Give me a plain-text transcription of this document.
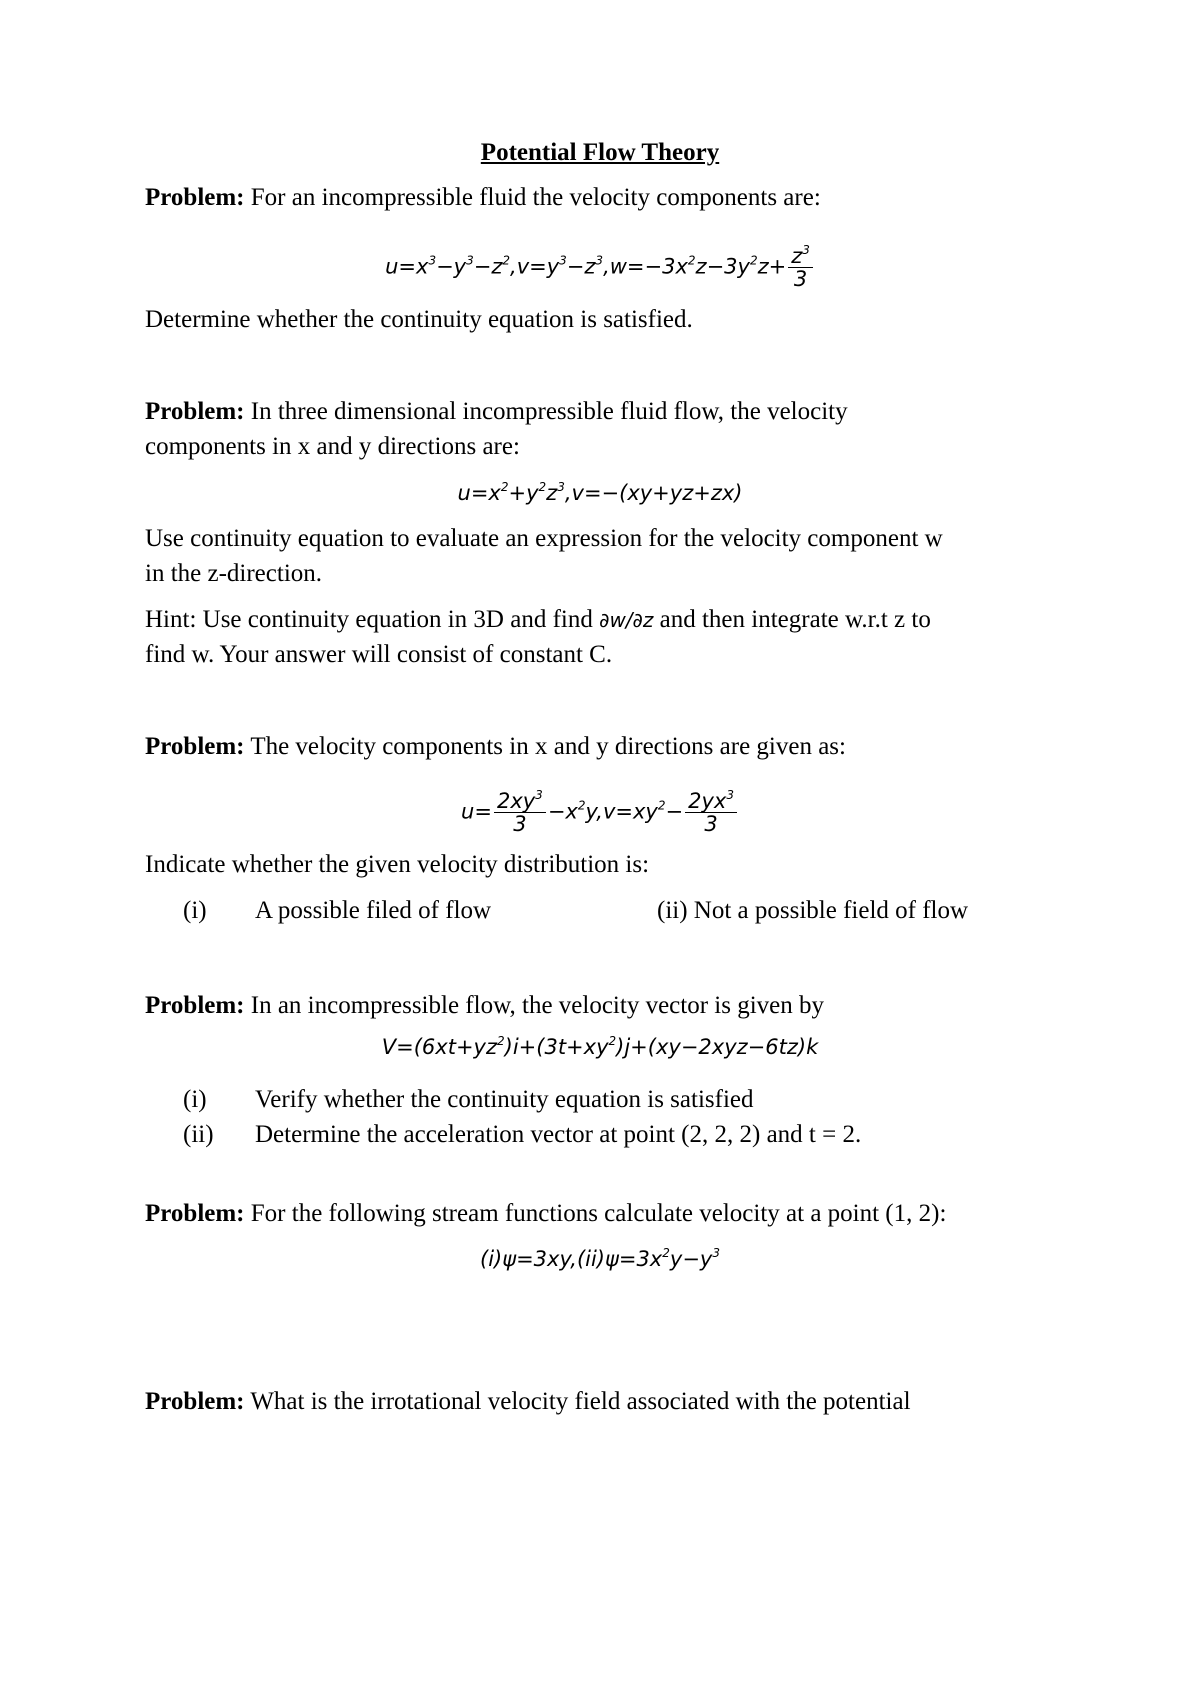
Potential Flow Theory
Problem: For an incompressible fluid the velocity components are:
$u=x^3-y^3-z^2,v=y^3-z^3,w=-3x^2z-3y^2z+ \frac{z^3}{3}$
Determine whether the continuity equation is satisfied.
Problem: In three dimensional incompressible fluid flow, the velocity
components in x and y directions are:
$u=x^2+y^2z^3,v=-(xy+yz+zx)$
Use continuity equation to evaluate an expression for the velocity component w
in the z-direction.
Hint: Use continuity equation in 3D and find ∂w/∂z and then integrate w.r.t z to
find w. Your answer will consist of constant C.
Problem: The velocity components in x and y directions are given as:
$u= \frac{2xy^3}{3} -x^2y,v=xy^2- \frac{2yx^3}{3}$
Indicate whether the given velocity distribution is:
(i) A possible filed of flow	(ii) Not a possible field of flow
Problem: In an incompressible flow, the velocity vector is given by
$V=(6xt+yz^2)i+(3t+xy^2)j+(xy-2xyz-6tz)k$
(i) Verify whether the continuity equation is satisfied
(ii) Determine the acceleration vector at point (2, 2, 2) and t = 2.
Problem: For the following stream functions calculate velocity at a point (1, 2):
$(i)\psi=3xy,(ii)\psi=3x^2y-y^3$
Problem: What is the irrotational velocity field associated with the potential
